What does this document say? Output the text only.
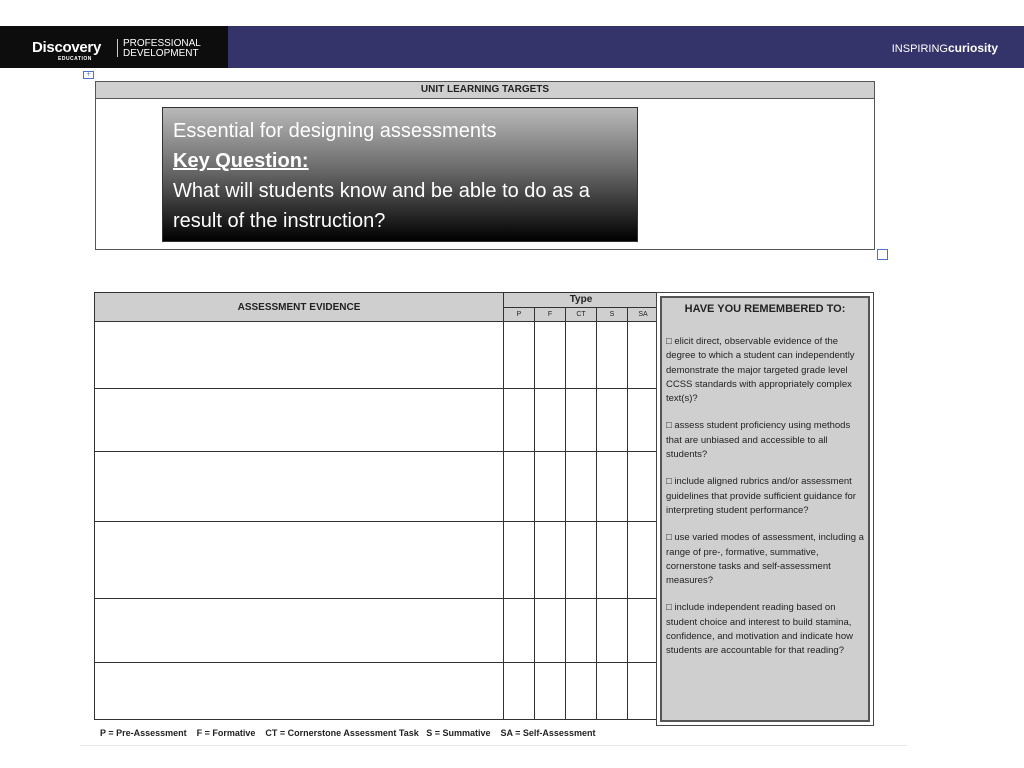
Discovery
EDUCATION
PROFESSIONAL
DEVELOPMENT	INSPIRINGcuriosity
+
UNIT LEARNING TARGETS
Essential for designing assessments
Key Question:
What will students know and be able to do as a result of the instruction?
ASSESSMENT EVIDENCE	Type				
	P	F	CT	S	SA

						HAVE YOU REMEMBERED TO:
□ elicit direct, observable evidence of the degree to which a student can independently demonstrate the major targeted grade level CCSS standards with appropriately complex text(s)?
□ assess student proficiency using methods that are unbiased and accessible to all students?
□ include aligned rubrics and/or assessment guidelines that provide sufficient guidance for interpreting student performance?
□ use varied modes of assessment, including a range of pre-, formative, summative, cornerstone tasks and self-assessment measures?
□ include independent reading based on student choice and interest to build stamina, confidence, and motivation and indicate how students are accountable for that reading?
P = Pre-Assessment    F = Formative    CT = Cornerstone Assessment Task   S = Summative    SA = Self-Assessment
